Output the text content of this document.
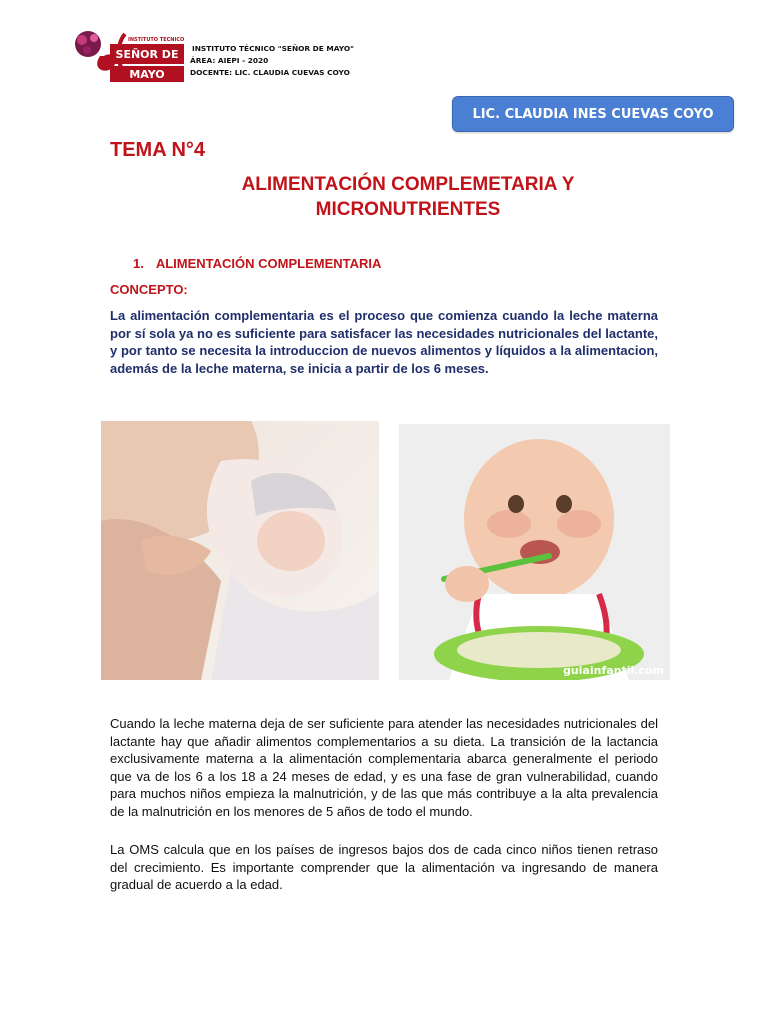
SEÑOR DE
MAYO
INSTITUTO TECNICO
INSTITUTO TÉCNICO "SEÑOR DE MAYO"
ÁREA: AIEPI - 2020
DOCENTE: LIC. CLAUDIA CUEVAS COYO
LIC. CLAUDIA INES CUEVAS COYO
TEMA N°4
ALIMENTACIÓN COMPLEMETARIA Y
MICRONUTRIENTES
1. ALIMENTACIÓN COMPLEMENTARIA
CONCEPTO:
La alimentación complementaria es el proceso que comienza cuando la leche materna por sí sola ya no es suficiente para satisfacer las necesidades nutricionales del lactante, y por tanto se necesita la introduccion de nuevos alimentos y líquidos a la alimentacion, además de la leche materna, se inicia a partir de los 6 meses.
guiainfantil.com
Cuando la leche materna deja de ser suficiente para atender las necesidades nutricionales del lactante hay que añadir alimentos complementarios a su dieta. La transición de la lactancia exclusivamente materna a la alimentación complementaria abarca generalmente el periodo que va de los 6 a los 18 a 24 meses de edad, y es una fase de gran vulnerabilidad, cuando para muchos niños empieza la malnutrición, y de las que más contribuye a la alta prevalencia de la malnutrición en los menores de 5 años de todo el mundo.
La OMS calcula que en los países de ingresos bajos dos de cada cinco niños tienen retraso del crecimiento. Es importante comprender que la alimentación va ingresando de manera gradual de acuerdo a la edad.
